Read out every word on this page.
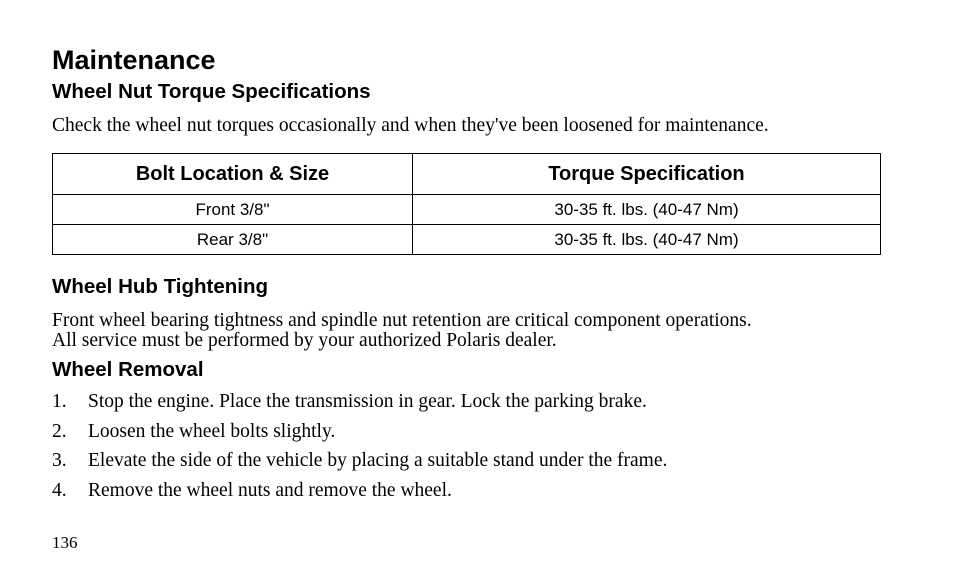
Maintenance
Wheel Nut Torque Specifications

Check the wheel nut torques occasionally and when they've been loosened for maintenance.

Bolt Location & Size	Torque Specification
Front 3/8"	30-35 ft. lbs. (40-47 Nm)
Rear 3/8"	30-35 ft. lbs. (40-47 Nm)
Wheel Hub Tightening

Front wheel bearing tightness and spindle nut retention are critical component operations.

All service must be performed by your authorized Polaris dealer.

Wheel Removal
1. Stop the engine. Place the transmission in gear. Lock the parking brake.
2. Loosen the wheel bolts slightly.
3. Elevate the side of the vehicle by placing a suitable stand under the frame.
4. Remove the wheel nuts and remove the wheel.
136
